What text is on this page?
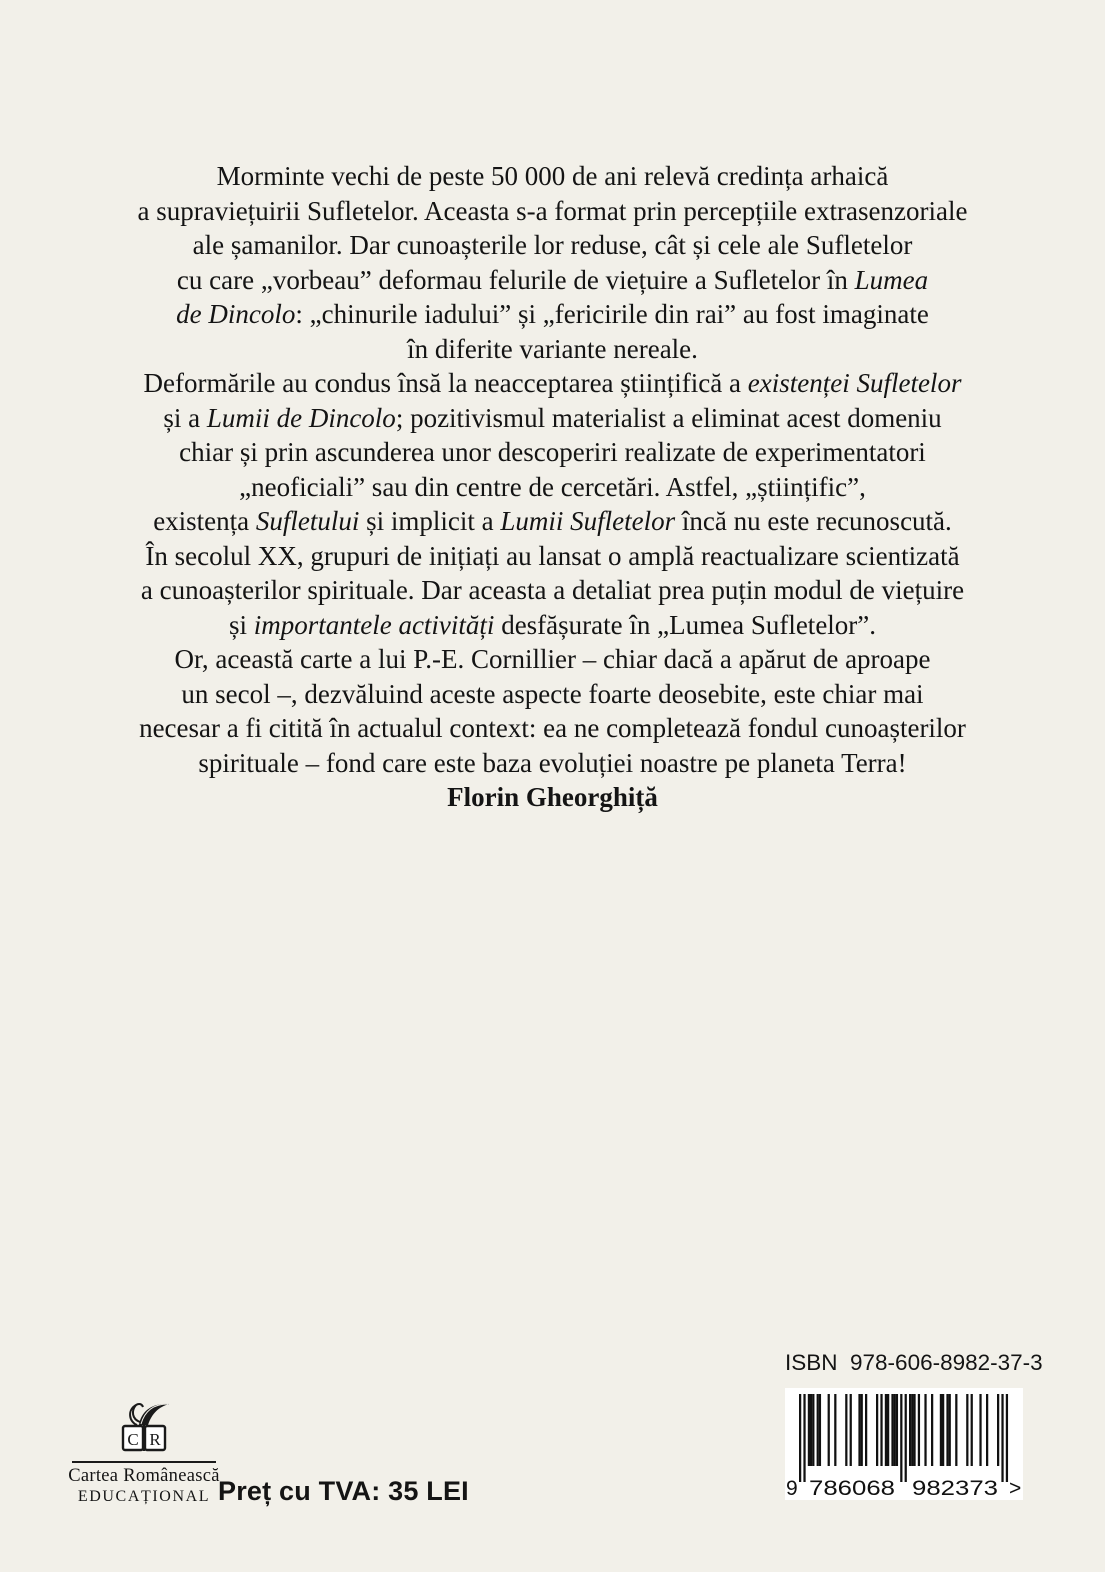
Morminte vechi de peste 50 000 de ani relevă credința arhaică
a supraviețuirii Sufletelor. Aceasta s-a format prin percepțiile extrasenzoriale
ale șamanilor. Dar cunoașterile lor reduse, cât și cele ale Sufletelor
cu care „vorbeau” deformau felurile de viețuire a Sufletelor în Lumea
de Dincolo: „chinurile iadului” și „fericirile din rai” au fost imaginate
în diferite variante nereale.
Deformările au condus însă la neacceptarea științifică a existenței Sufletelor
și a Lumii de Dincolo; pozitivismul materialist a eliminat acest domeniu
chiar și prin ascunderea unor descoperiri realizate de experimentatori
„neoficiali” sau din centre de cercetări. Astfel, „științific”,
existența Sufletului și implicit a Lumii Sufletelor încă nu este recunoscută.
În secolul XX, grupuri de inițiați au lansat o amplă reactualizare scientizată
a cunoașterilor spirituale. Dar aceasta a detaliat prea puțin modul de viețuire
și importantele activități desfășurate în „Lumea Sufletelor”.
Or, această carte a lui P.-E. Cornillier – chiar dacă a apărut de aproape
un secol –, dezvăluind aceste aspecte foarte deosebite, este chiar mai
necesar a fi citită în actualul context: ea ne completează fondul cunoașterilor
spirituale – fond care este baza evoluției noastre pe planeta Terra!
Florin Gheorghiță
C R
Cartea Românească
EDUCAȚIONAL Preț cu TVA: 35 LEI
ISBN  978-606-8982-37-3
9 786068 982373 >
